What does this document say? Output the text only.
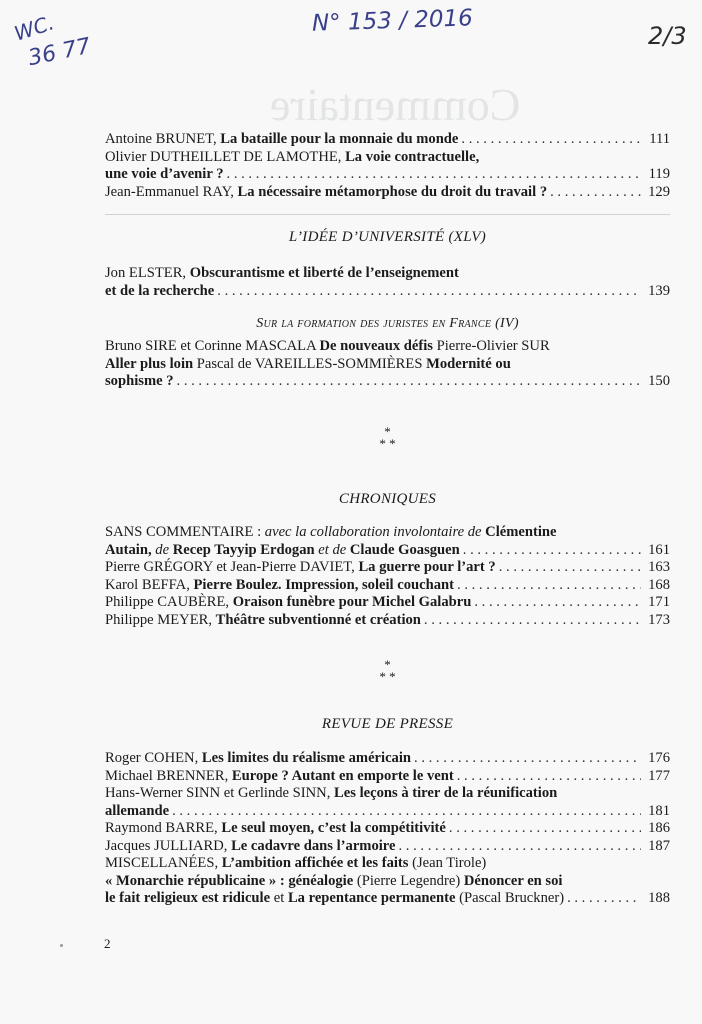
Commentaire
WC.
36 77
N° 153 / 2016	2/3
Antoine BRUNET, La bataille pour la monnaie du monde . . .	111
Olivier DUTHEILLET DE LAMOTHE, La voie contractuelle,
une voie d’avenir ? . . .	119
Jean-Emmanuel RAY, La nécessaire métamorphose du droit du travail ? . . .	129
L’IDÉE D’UNIVERSITÉ (XLV)
Jon ELSTER, Obscurantisme et liberté de l’enseignement
et de la recherche . . .	139
Sur la formation des juristes en France (IV)
Bruno SIRE et Corinne MASCALA De nouveaux défis Pierre-Olivier SUR
Aller plus loin Pascal de VAREILLES-SOMMIÈRES Modernité ou
sophisme ? . . .	150
*
* *
CHRONIQUES
SANS COMMENTAIRE : avec la collaboration involontaire de Clémentine
Autain, de Recep Tayyip Erdogan et de Claude Goasguen . . .	161
Pierre GRÉGORY et Jean-Pierre DAVIET, La guerre pour l’art ? . . .	163
Karol BEFFA, Pierre Boulez. Impression, soleil couchant . . .	168
Philippe CAUBÈRE, Oraison funèbre pour Michel Galabru . . .	171
Philippe MEYER, Théâtre subventionné et création . . .	173
*
* *
REVUE DE PRESSE
Roger COHEN, Les limites du réalisme américain . . .	176
Michael BRENNER, Europe ? Autant en emporte le vent . . .	177
Hans-Werner SINN et Gerlinde SINN, Les leçons à tirer de la réunification
allemande . . .	181
Raymond BARRE, Le seul moyen, c’est la compétitivité . . .	186
Jacques JULLIARD, Le cadavre dans l’armoire . . .	187
MISCELLANÉES, L’ambition affichée et les faits (Jean Tirole)
« Monarchie républicaine » : généalogie (Pierre Legendre) Dénoncer en soi
le fait religieux est ridicule et La repentance permanente (Pascal Bruckner) . . .	188
2
